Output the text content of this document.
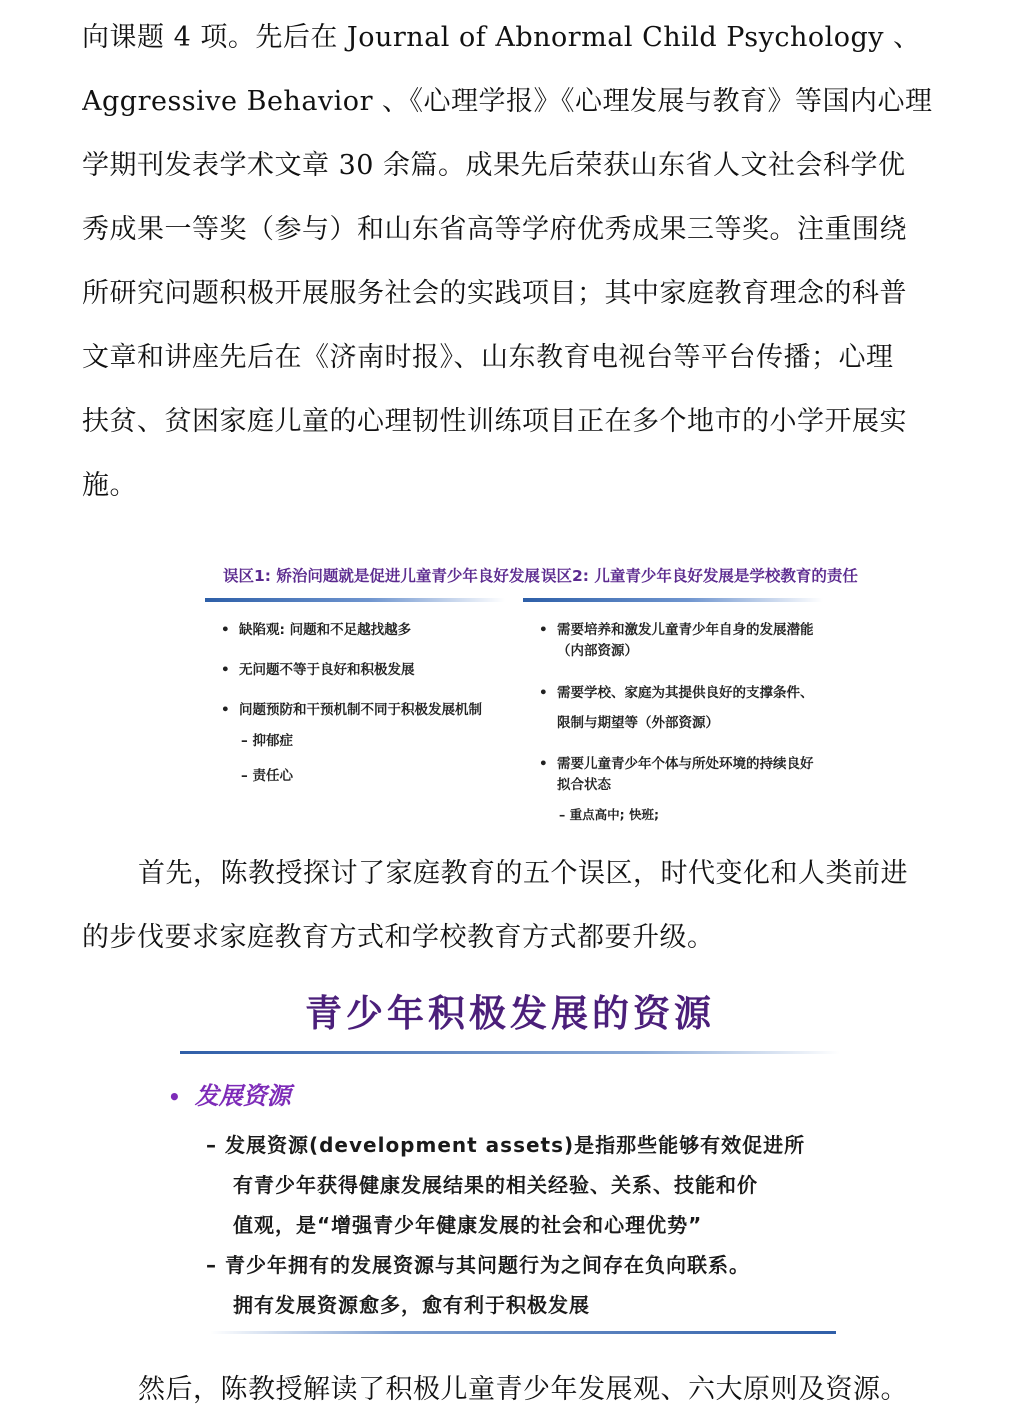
向课题 4 项。先后在 Journal of Abnormal Child Psychology 、
Aggressive Behavior 、《心理学报》《心理发展与教育》等国内心理
学期刊发表学术文章 30 余篇。成果先后荣获山东省人文社会科学优
秀成果一等奖（参与）和山东省高等学府优秀成果三等奖。注重围绕
所研究问题积极开展服务社会的实践项目；其中家庭教育理念的科普
文章和讲座先后在《济南时报》、山东教育电视台等平台传播；心理
扶贫、贫困家庭儿童的心理韧性训练项目正在多个地市的小学开展实
施。
误区1: 矫治问题就是促进儿童青少年良好发展
• 缺陷观: 问题和不足越找越多
• 无问题不等于良好和积极发展
• 问题预防和干预机制不同于积极发展机制
– 抑郁症
– 责任心
误区2: 儿童青少年良好发展是学校教育的责任
• 需要培养和激发儿童青少年自身的发展潜能（内部资源）
• 需要学校、家庭为其提供良好的支撑条件、限制与期望等（外部资源）
• 需要儿童青少年个体与所处环境的持续良好拟合状态
– 重点高中; 快班;
首先，陈教授探讨了家庭教育的五个误区，时代变化和人类前进
的步伐要求家庭教育方式和学校教育方式都要升级。
青少年积极发展的资源
• 发展资源
– 发展资源(development assets)是指那些能够有效促进所
有青少年获得健康发展结果的相关经验、关系、技能和价
值观，是“增强青少年健康发展的社会和心理优势”
– 青少年拥有的发展资源与其问题行为之间存在负向联系。
拥有发展资源愈多，愈有利于积极发展
然后，陈教授解读了积极儿童青少年发展观、六大原则及资源。
